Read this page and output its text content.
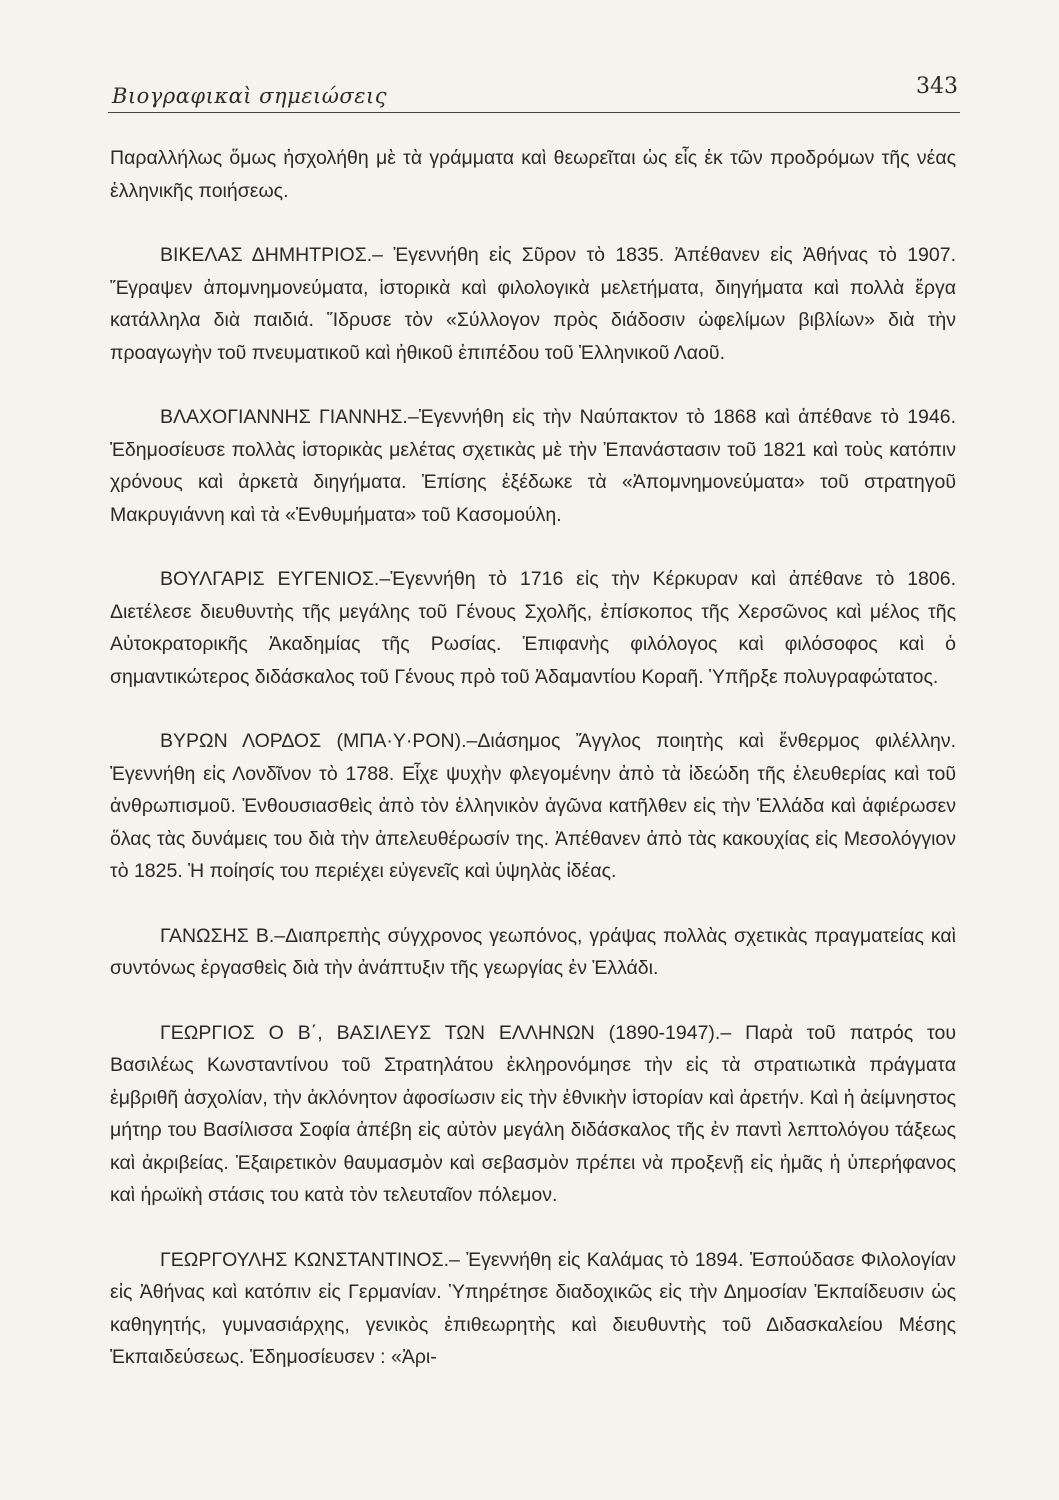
Βιογραφικαὶ σημειώσεις	343

Παραλλήλως ὅμως ἠσχολήθη μὲ τὰ γράμματα καὶ θεωρεῖται ὡς εἷς ἐκ τῶν προδρόμων τῆς νέας ἑλληνικῆς ποιήσεως.

ΒΙΚΕΛΑΣ ΔΗΜΗΤΡΙΟΣ.– Ἐγεννήθη εἰς Σῦρον τὸ 1835. Ἀπέθανεν εἰς Ἀθήνας τὸ 1907. Ἔγραψεν ἀπομνημονεύματα, ἱστορικὰ καὶ φιλολογικὰ μελετήματα, διηγήματα καὶ πολλὰ ἔργα κατάλληλα διὰ παιδιά. Ἵδρυσε τὸν «Σύλλογον πρὸς διάδοσιν ὠφελίμων βιβλίων» διὰ τὴν προαγωγὴν τοῦ πνευματικοῦ καὶ ἠθικοῦ ἐπιπέδου τοῦ Ἑλληνικοῦ Λαοῦ.

ΒΛΑΧΟΓΙΑΝΝΗΣ ΓΙΑΝΝΗΣ.–Ἐγεννήθη εἰς τὴν Ναύπακτον τὸ 1868 καὶ ἀπέθανε τὸ 1946. Ἐδημοσίευσε πολλὰς ἱστορικὰς μελέτας σχετικὰς μὲ τὴν Ἐπανάστασιν τοῦ 1821 καὶ τοὺς κατόπιν χρόνους καὶ ἀρκετὰ διηγήματα. Ἐπίσης ἐξέδωκε τὰ «Ἀπομνημονεύματα» τοῦ στρατηγοῦ Μακρυγιάννη καὶ τὰ «Ἐνθυμήματα» τοῦ Κασομούλη.

ΒΟΥΛΓΑΡΙΣ ΕΥΓΕΝΙΟΣ.–Ἐγεννήθη τὸ 1716 εἰς τὴν Κέρκυραν καὶ ἀπέθανε τὸ 1806. Διετέλεσε διευθυντὴς τῆς μεγάλης τοῦ Γένους Σχολῆς, ἐπίσκοπος τῆς Χερσῶνος καὶ μέλος τῆς Αὐτοκρατορικῆς Ἀκαδημίας τῆς Ρωσίας. Ἐπιφανὴς φιλόλογος καὶ φιλόσοφος καὶ ὁ σημαντικώτερος διδάσκαλος τοῦ Γένους πρὸ τοῦ Ἀδαμαντίου Κοραῆ. Ὑπῆρξε πολυγραφώτατος.

ΒΥΡΩΝ ΛΟΡΔΟΣ (ΜΠΑ·Υ·ΡΟΝ).–Διάσημος Ἄγγλος ποιητὴς καὶ ἔνθερμος φιλέλλην. Ἐγεννήθη εἰς Λονδῖνον τὸ 1788. Εἶχε ψυχὴν φλεγομένην ἀπὸ τὰ ἰδεώδη τῆς ἐλευθερίας καὶ τοῦ ἀνθρωπισμοῦ. Ἐνθουσιασθεὶς ἀπὸ τὸν ἑλληνικὸν ἀγῶνα κατῆλθεν εἰς τὴν Ἑλλάδα καὶ ἀφιέρωσεν ὅλας τὰς δυνάμεις του διὰ τὴν ἀπελευθέρωσίν της. Ἀπέθανεν ἀπὸ τὰς κακουχίας εἰς Μεσολόγγιον τὸ 1825. Ἡ ποίησίς του περιέχει εὐγενεῖς καὶ ὑψηλὰς ἰδέας.

ΓΑΝΩΣΗΣ Β.–Διαπρεπὴς σύγχρονος γεωπόνος, γράψας πολλὰς σχετικὰς πραγματείας καὶ συντόνως ἐργασθεὶς διὰ τὴν ἀνάπτυξιν τῆς γεωργίας ἐν Ἑλλάδι.

ΓΕΩΡΓΙΟΣ Ο Β΄, ΒΑΣΙΛΕΥΣ ΤΩΝ ΕΛΛΗΝΩΝ (1890-1947).– Παρὰ τοῦ πατρός του Βασιλέως Κωνσταντίνου τοῦ Στρατηλάτου ἐκληρονόμησε τὴν εἰς τὰ στρατιωτικὰ πράγματα ἐμβριθῆ ἀσχολίαν, τὴν ἀκλόνητον ἀφοσίωσιν εἰς τὴν ἐθνικὴν ἱστορίαν καὶ ἀρετήν. Καὶ ἡ ἀείμνηστος μήτηρ του Βασίλισσα Σοφία ἀπέβη εἰς αὐτὸν μεγάλη διδάσκαλος τῆς ἐν παντὶ λεπτολόγου τάξεως καὶ ἀκριβείας. Ἐξαιρετικὸν θαυμασμὸν καὶ σεβασμὸν πρέπει νὰ προξενῇ εἰς ἡμᾶς ἡ ὑπερήφανος καὶ ἡρωϊκὴ στάσις του κατὰ τὸν τελευταῖον πόλεμον.

ΓΕΩΡΓΟΥΛΗΣ ΚΩΝΣΤΑΝΤΙΝΟΣ.– Ἐγεννήθη εἰς Καλάμας τὸ 1894. Ἐσπούδασε Φιλολογίαν εἰς Ἀθήνας καὶ κατόπιν εἰς Γερμανίαν. Ὑπηρέτησε διαδοχικῶς εἰς τὴν Δημοσίαν Ἐκπαίδευσιν ὡς καθηγητής, γυμνασιάρχης, γενικὸς ἐπιθεωρητὴς καὶ διευθυντὴς τοῦ Διδασκαλείου Μέσης Ἐκπαιδεύσεως. Ἐδημοσίευσεν : «Ἀρι-
